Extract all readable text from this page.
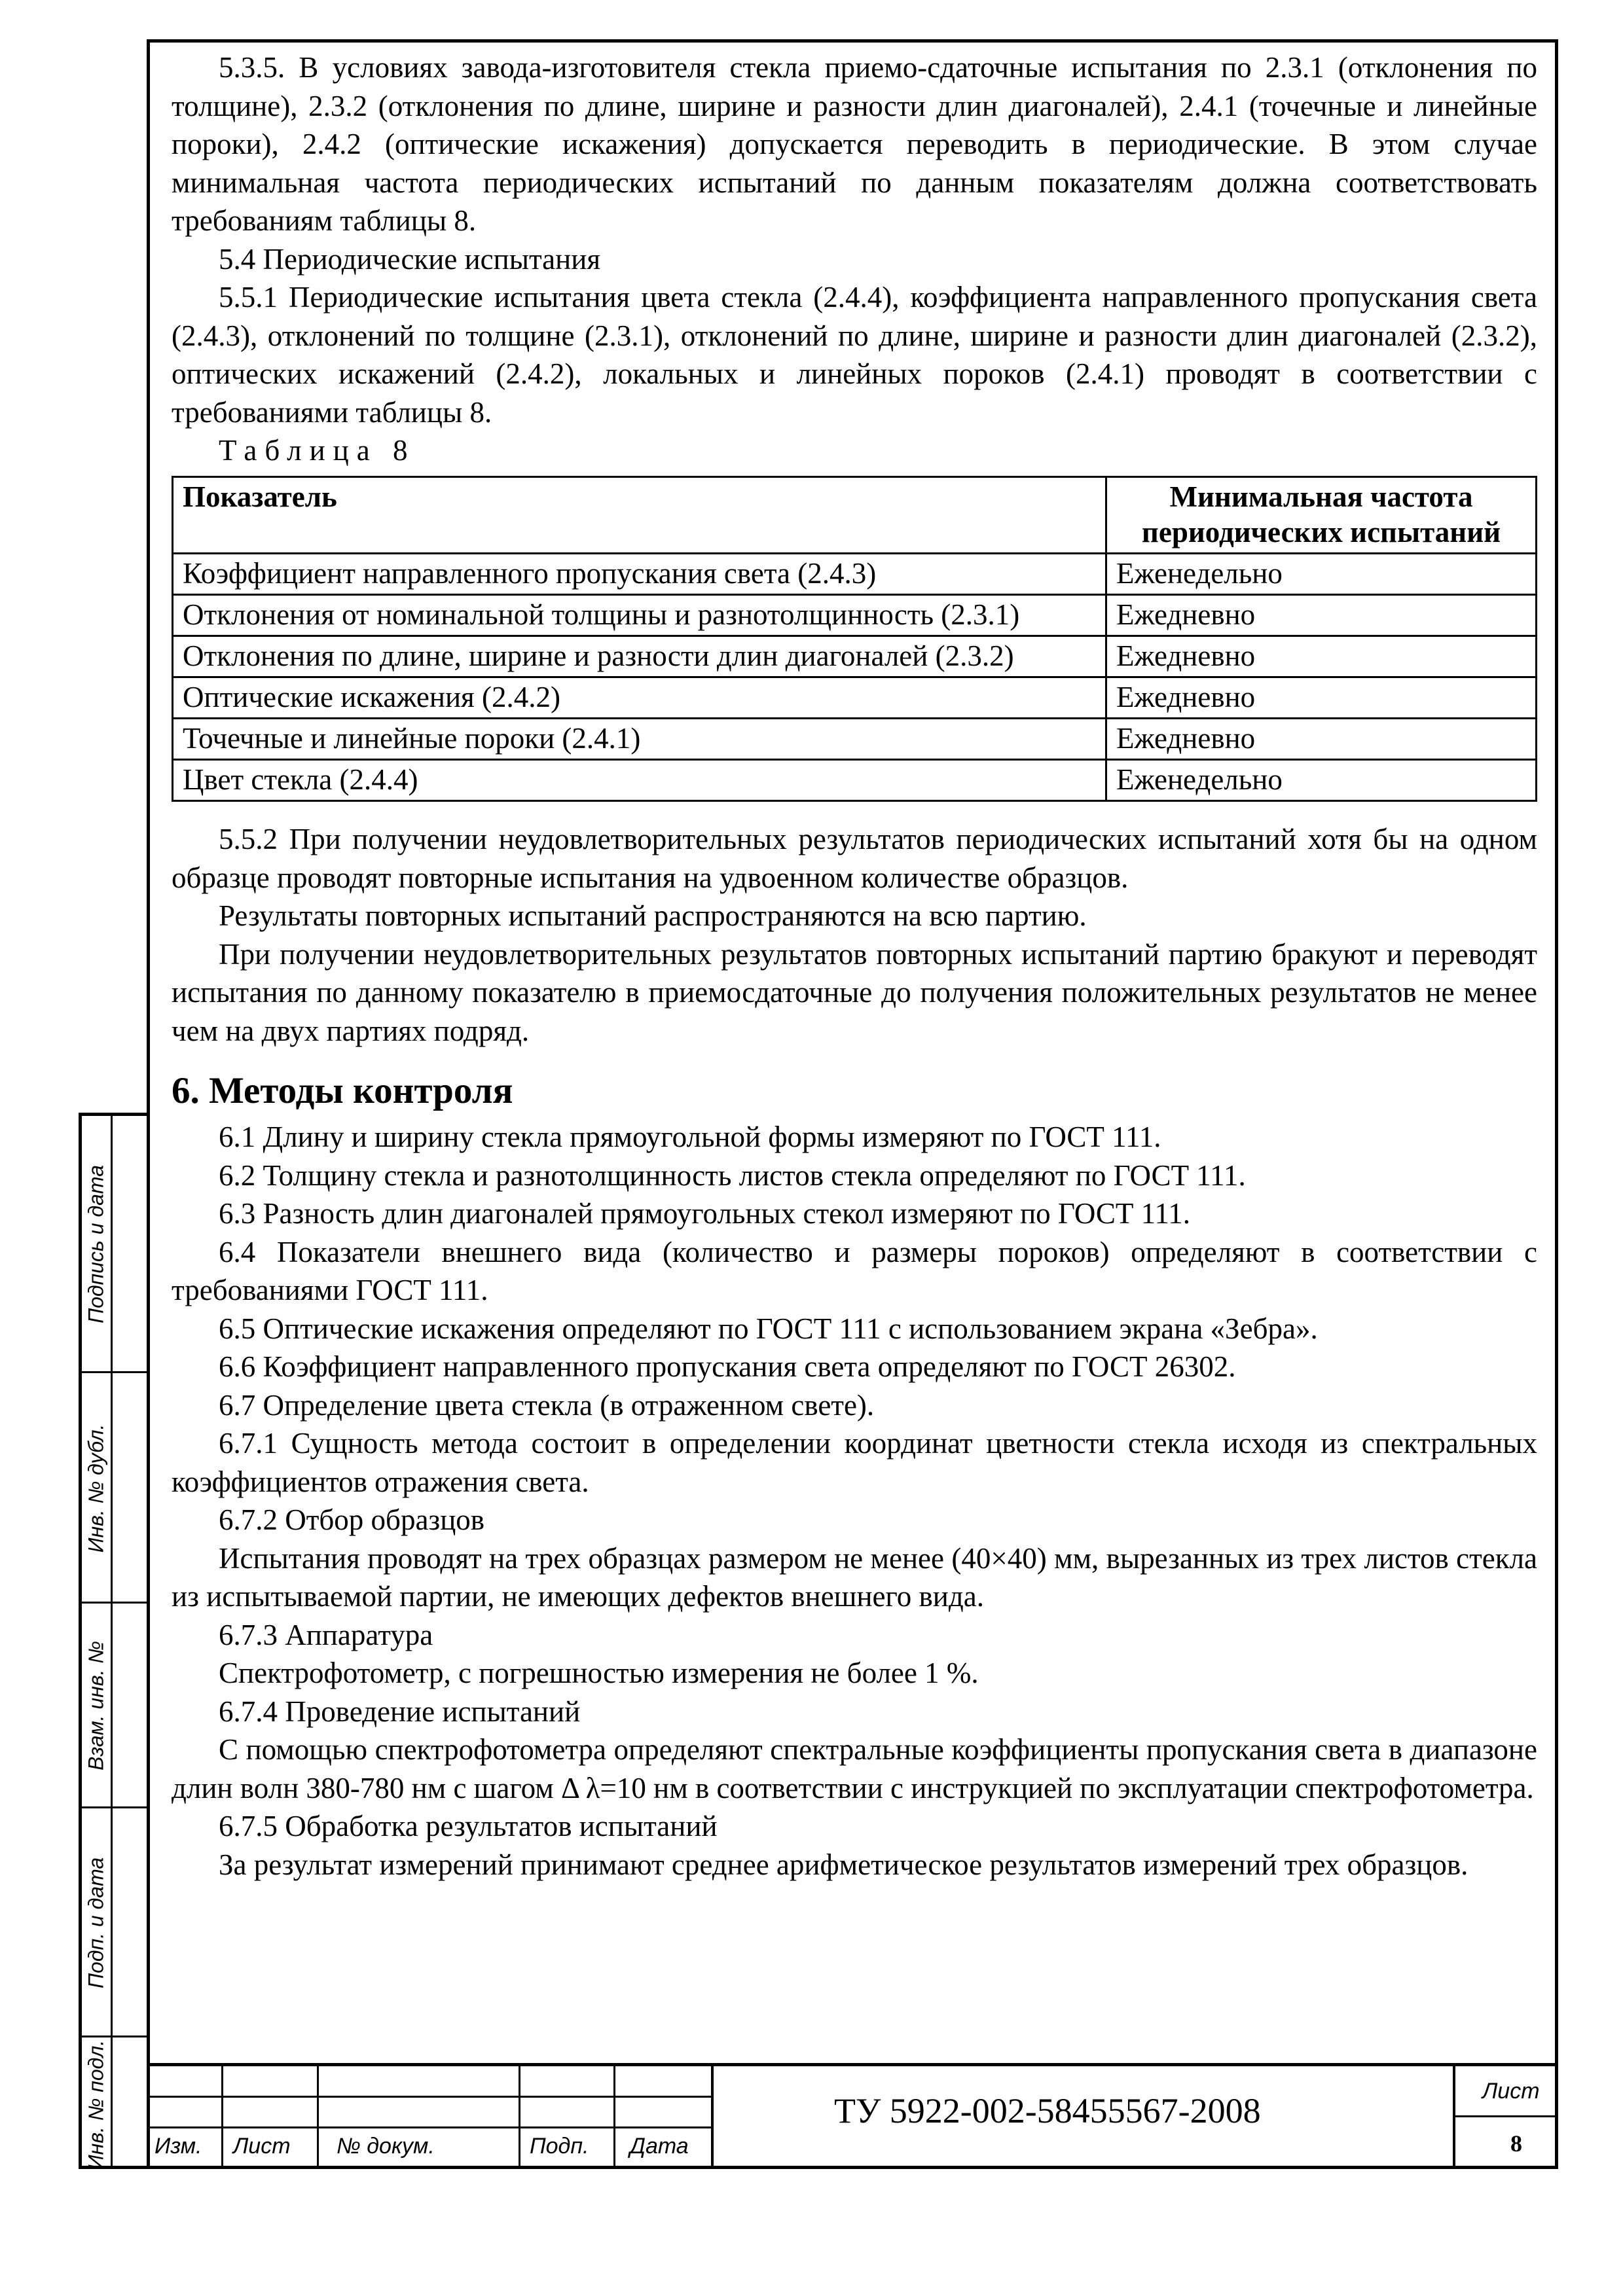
5.3.5. В условиях завода-изготовителя стекла приемо-сдаточные испытания по 2.3.1 (отклонения по толщине), 2.3.2 (отклонения по длине, ширине и разности длин диагоналей), 2.4.1 (точечные и линейные пороки), 2.4.2 (оптические искажения) допускается переводить в периодические. В этом случае минимальная частота периодических испытаний по данным показателям должна соответствовать требованиям таблицы 8.

5.4 Периодические испытания

5.5.1 Периодические испытания цвета стекла (2.4.4), коэффициента направленного пропускания света (2.4.3), отклонений по толщине (2.3.1), отклонений по длине, ширине и разности длин диагоналей (2.3.2), оптических искажений (2.4.2), локальных и линейных пороков (2.4.1) проводят в соответствии с требованиями таблицы 8.

Таблица 8

Показатель	Минимальная частота периодических испытаний
Коэффициент направленного пропускания света (2.4.3)	Еженедельно
Отклонения от номинальной толщины и разнотолщинность (2.3.1)	Ежедневно
Отклонения по длине, ширине и разности длин диагоналей (2.3.2)	Ежедневно
Оптические искажения (2.4.2)	Ежедневно
Точечные и линейные пороки (2.4.1)	Ежедневно
Цвет стекла (2.4.4)	Еженедельно

5.5.2 При получении неудовлетворительных результатов периодических испытаний хотя бы на одном образце проводят повторные испытания на удвоенном количестве образцов.

Результаты повторных испытаний распространяются на всю партию.

При получении неудовлетворительных результатов повторных испытаний партию бракуют и переводят испытания по данному показателю в приемосдаточные до получения положительных результатов не менее чем на двух партиях подряд.

6. Методы контроля

6.1 Длину и ширину стекла прямоугольной формы измеряют по ГОСТ 111.

6.2 Толщину стекла и разнотолщинность листов стекла определяют по ГОСТ 111.

6.3 Разность длин диагоналей прямоугольных стекол измеряют по ГОСТ 111.

6.4 Показатели внешнего вида (количество и размеры пороков) определяют в соответствии с требованиями ГОСТ 111.

6.5 Оптические искажения определяют по ГОСТ 111 с использованием экрана «Зебра».

6.6 Коэффициент направленного пропускания света определяют по ГОСТ 26302.

6.7 Определение цвета стекла (в отраженном свете).

6.7.1 Сущность метода состоит в определении координат цветности стекла исходя из спектральных коэффициентов отражения света.

6.7.2 Отбор образцов

Испытания проводят на трех образцах размером не менее (40×40) мм, вырезанных из трех листов стекла из испытываемой партии, не имеющих дефектов внешнего вида.

6.7.3 Аппаратура

Спектрофотометр, с погрешностью измерения не более 1 %.

6.7.4 Проведение испытаний

С помощью спектрофотометра определяют спектральные коэффициенты пропускания света в диапазоне длин волн 380-780 нм с шагом Δ λ=10 нм в соответствии с инструкцией по эксплуатации спектрофотометра.

6.7.5 Обработка результатов испытаний

За результат измерений принимают среднее арифметическое результатов измерений трех образцов.

Подпись и дата
Инв. № дубл.
Взам. инв. №
Подп. и дата
Инв. № подл. Изм. Лист № докум.	Подп. Дата
ТУ 5922-002-58455567-2008	Лист
8
